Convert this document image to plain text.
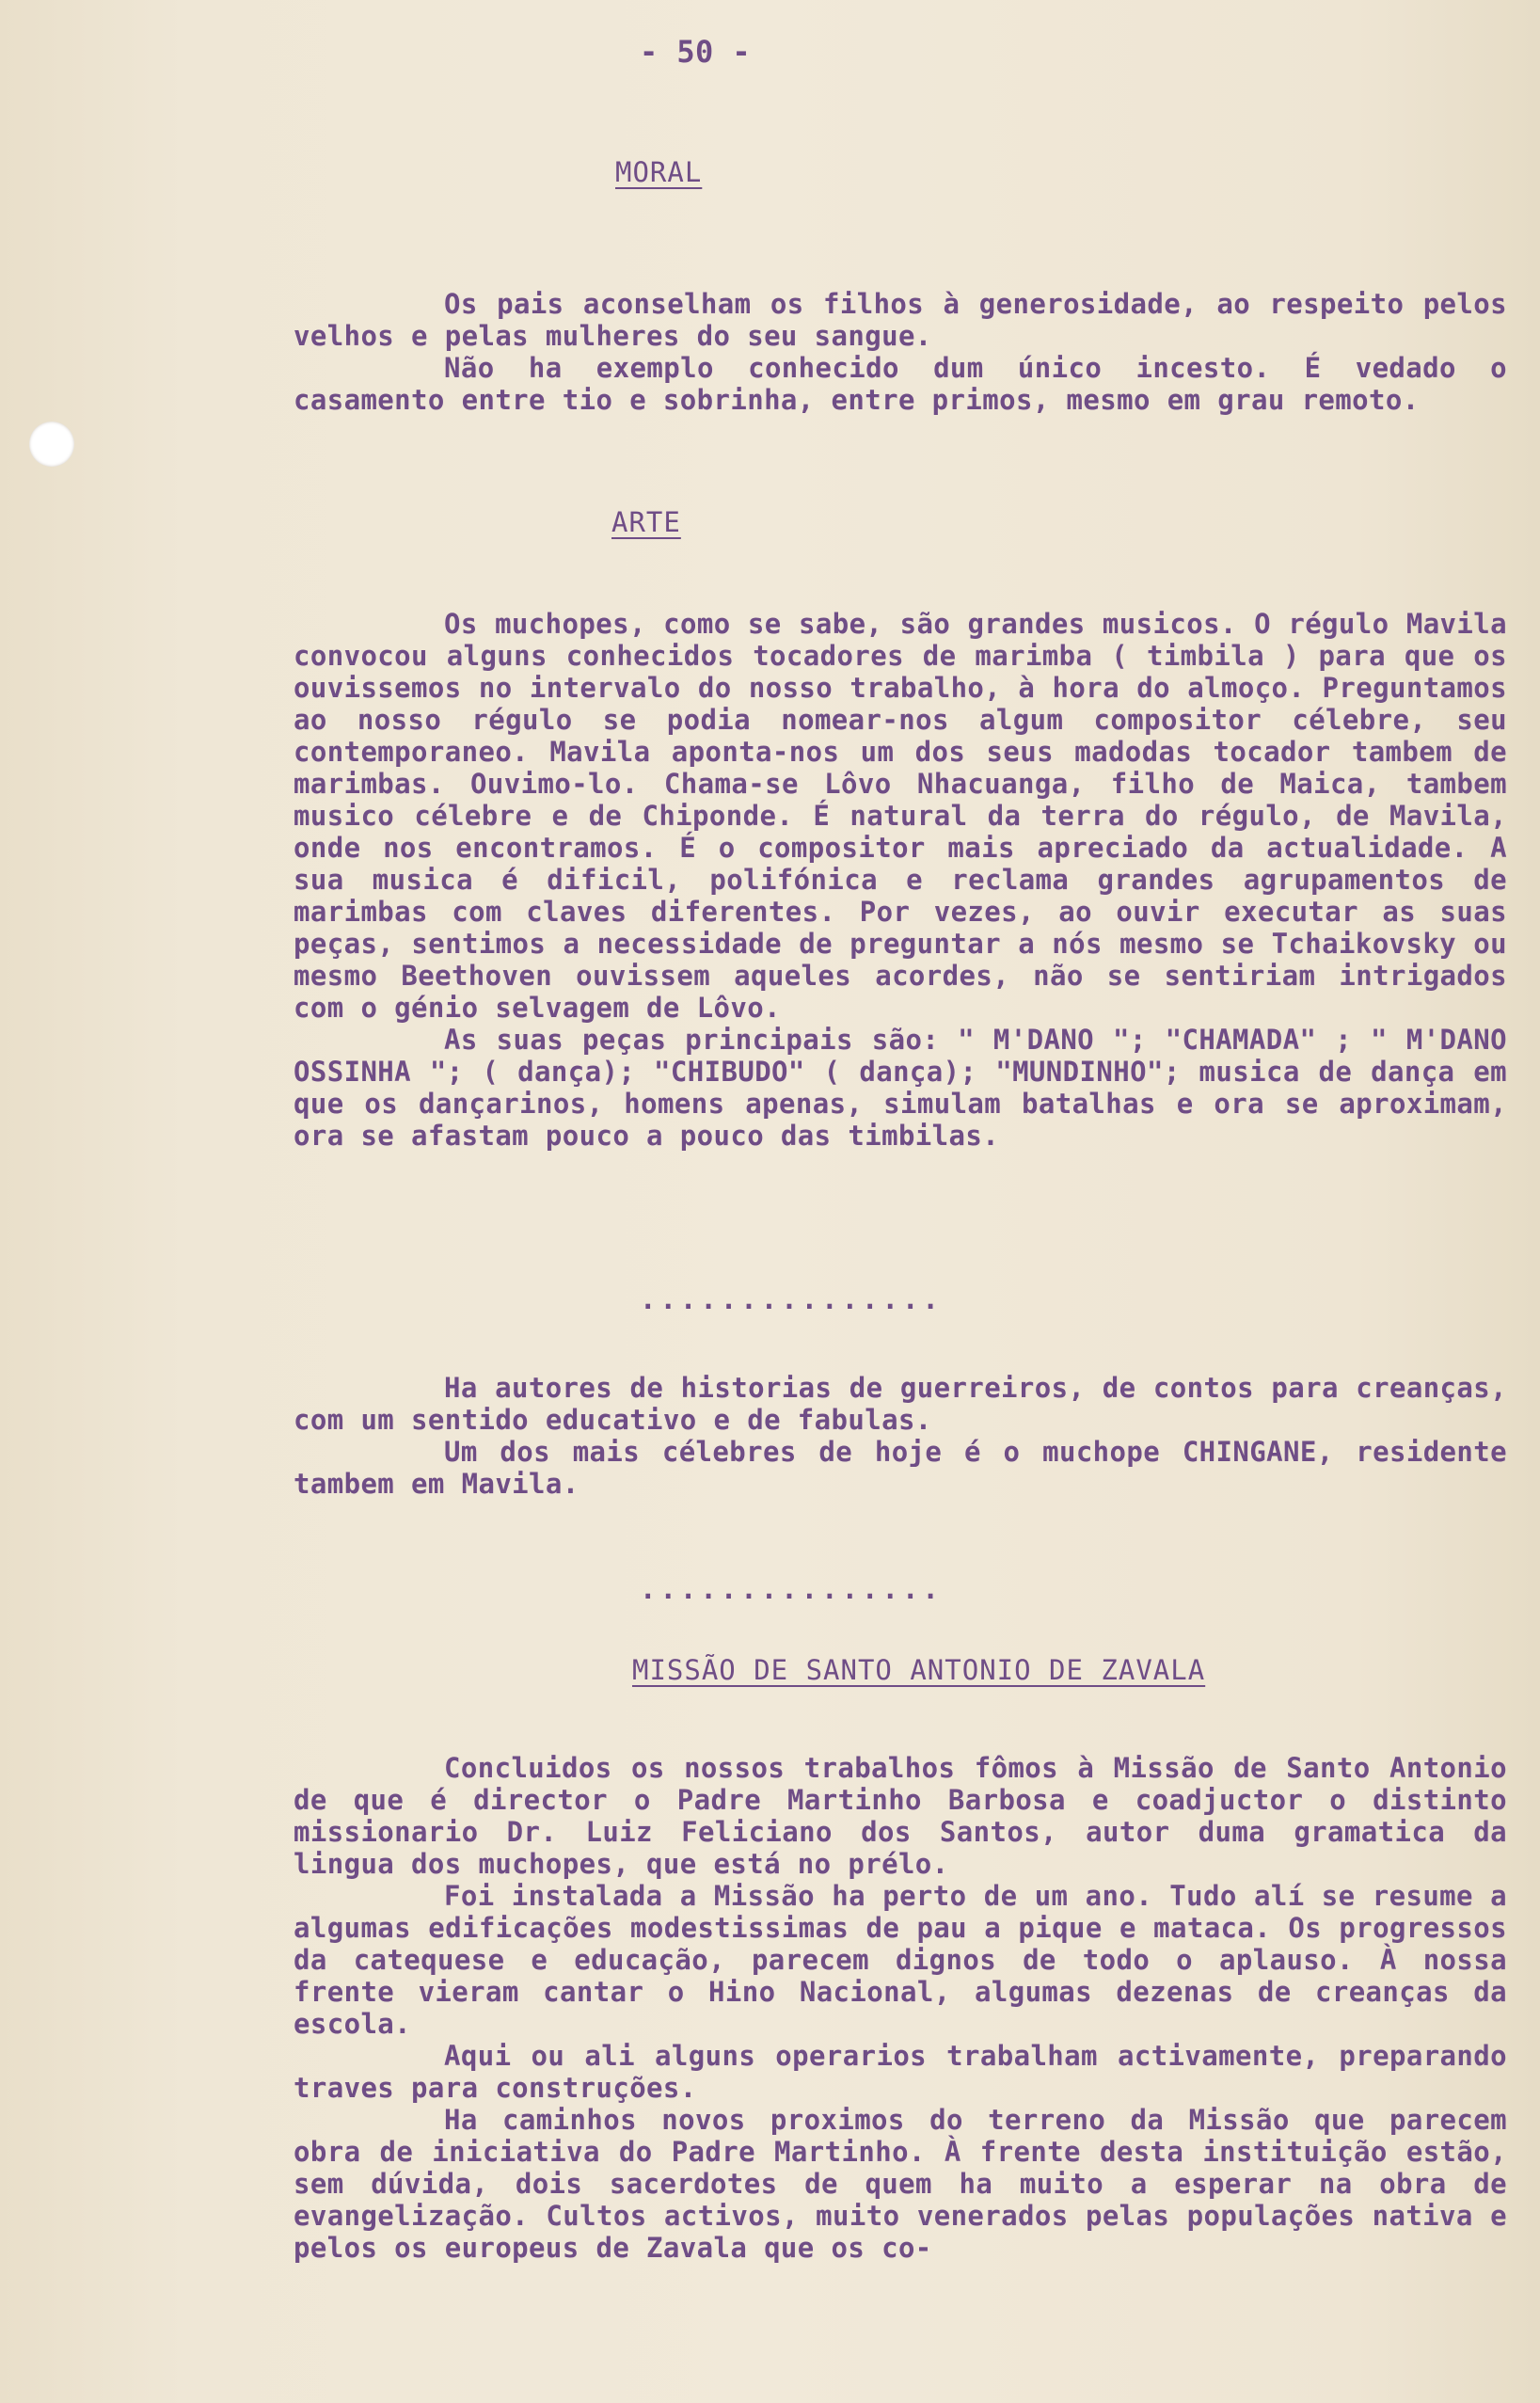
- 50 -
MORAL

Os pais aconselham os filhos à generosidade, ao respeito pelos velhos e pelas mulheres do seu sangue.

Não ha exemplo conhecido dum único incesto. É vedado o casamento entre tio e sobrinha, entre primos, mesmo em grau remoto.

ARTE

Os muchopes, como se sabe, são grandes musicos. O régulo Mavila convocou alguns conhecidos tocadores de marimba ( timbila ) para que os ouvissemos no intervalo do nosso trabalho, à hora do almoço. Preguntamos ao nosso régulo se podia nomear-nos algum compositor célebre, seu contemporaneo. Mavila aponta-nos um dos seus madodas tocador tambem de marimbas. Ouvimo-lo. Chama-se Lôvo Nhacuanga, filho de Maica, tambem musico célebre e de Chiponde. É natural da terra do régulo, de Mavila, onde nos encontramos. É o compositor mais apreciado da actualidade. A sua musica é dificil, polifónica e reclama grandes agrupamentos de marimbas com claves diferentes. Por vezes, ao ouvir executar as suas peças, sentimos a necessidade de preguntar a nós mesmo se Tchaikovsky ou mesmo Beethoven ouvissem aqueles acordes, não se sentiriam intrigados com o génio selvagem de Lôvo.

As suas peças principais são: " M'DANO "; "CHAMADA" ; " M'DANO OSSINHA "; ( dança); "CHIBUDO" ( dança); "MUNDINHO"; musica de dança em que os dançarinos, homens apenas, simulam batalhas e ora se aproximam, ora se afastam pouco a pouco das timbilas.

...............

Ha autores de historias de guerreiros, de contos para creanças, com um sentido educativo e de fabulas.

Um dos mais célebres de hoje é o muchope CHINGANE, residente tambem em Mavila.

...............
MISSÃO DE SANTO ANTONIO DE ZAVALA

Concluidos os nossos trabalhos fômos à Missão de Santo Antonio de que é director o Padre Martinho Barbosa e coadjuctor o distinto missionario Dr. Luiz Feliciano dos Santos, autor duma gramatica da lingua dos muchopes, que está no prélo.

Foi instalada a Missão ha perto de um ano. Tudo alí se resume a algumas edificações modestissimas de pau a pique e mataca. Os progressos da catequese e educação, parecem dignos de todo o aplauso. À nossa frente vieram cantar o Hino Nacional, algumas dezenas de creanças da escola.

Aqui ou ali alguns operarios trabalham activamente, preparando traves para construções.

Ha caminhos novos proximos do terreno da Missão que parecem obra de iniciativa do Padre Martinho. À frente desta instituição estão, sem dúvida, dois sacerdotes de quem ha muito a esperar na obra de evangelização. Cultos activos, muito venerados pelas populações nativa e pelos os europeus de Zavala que os co-
